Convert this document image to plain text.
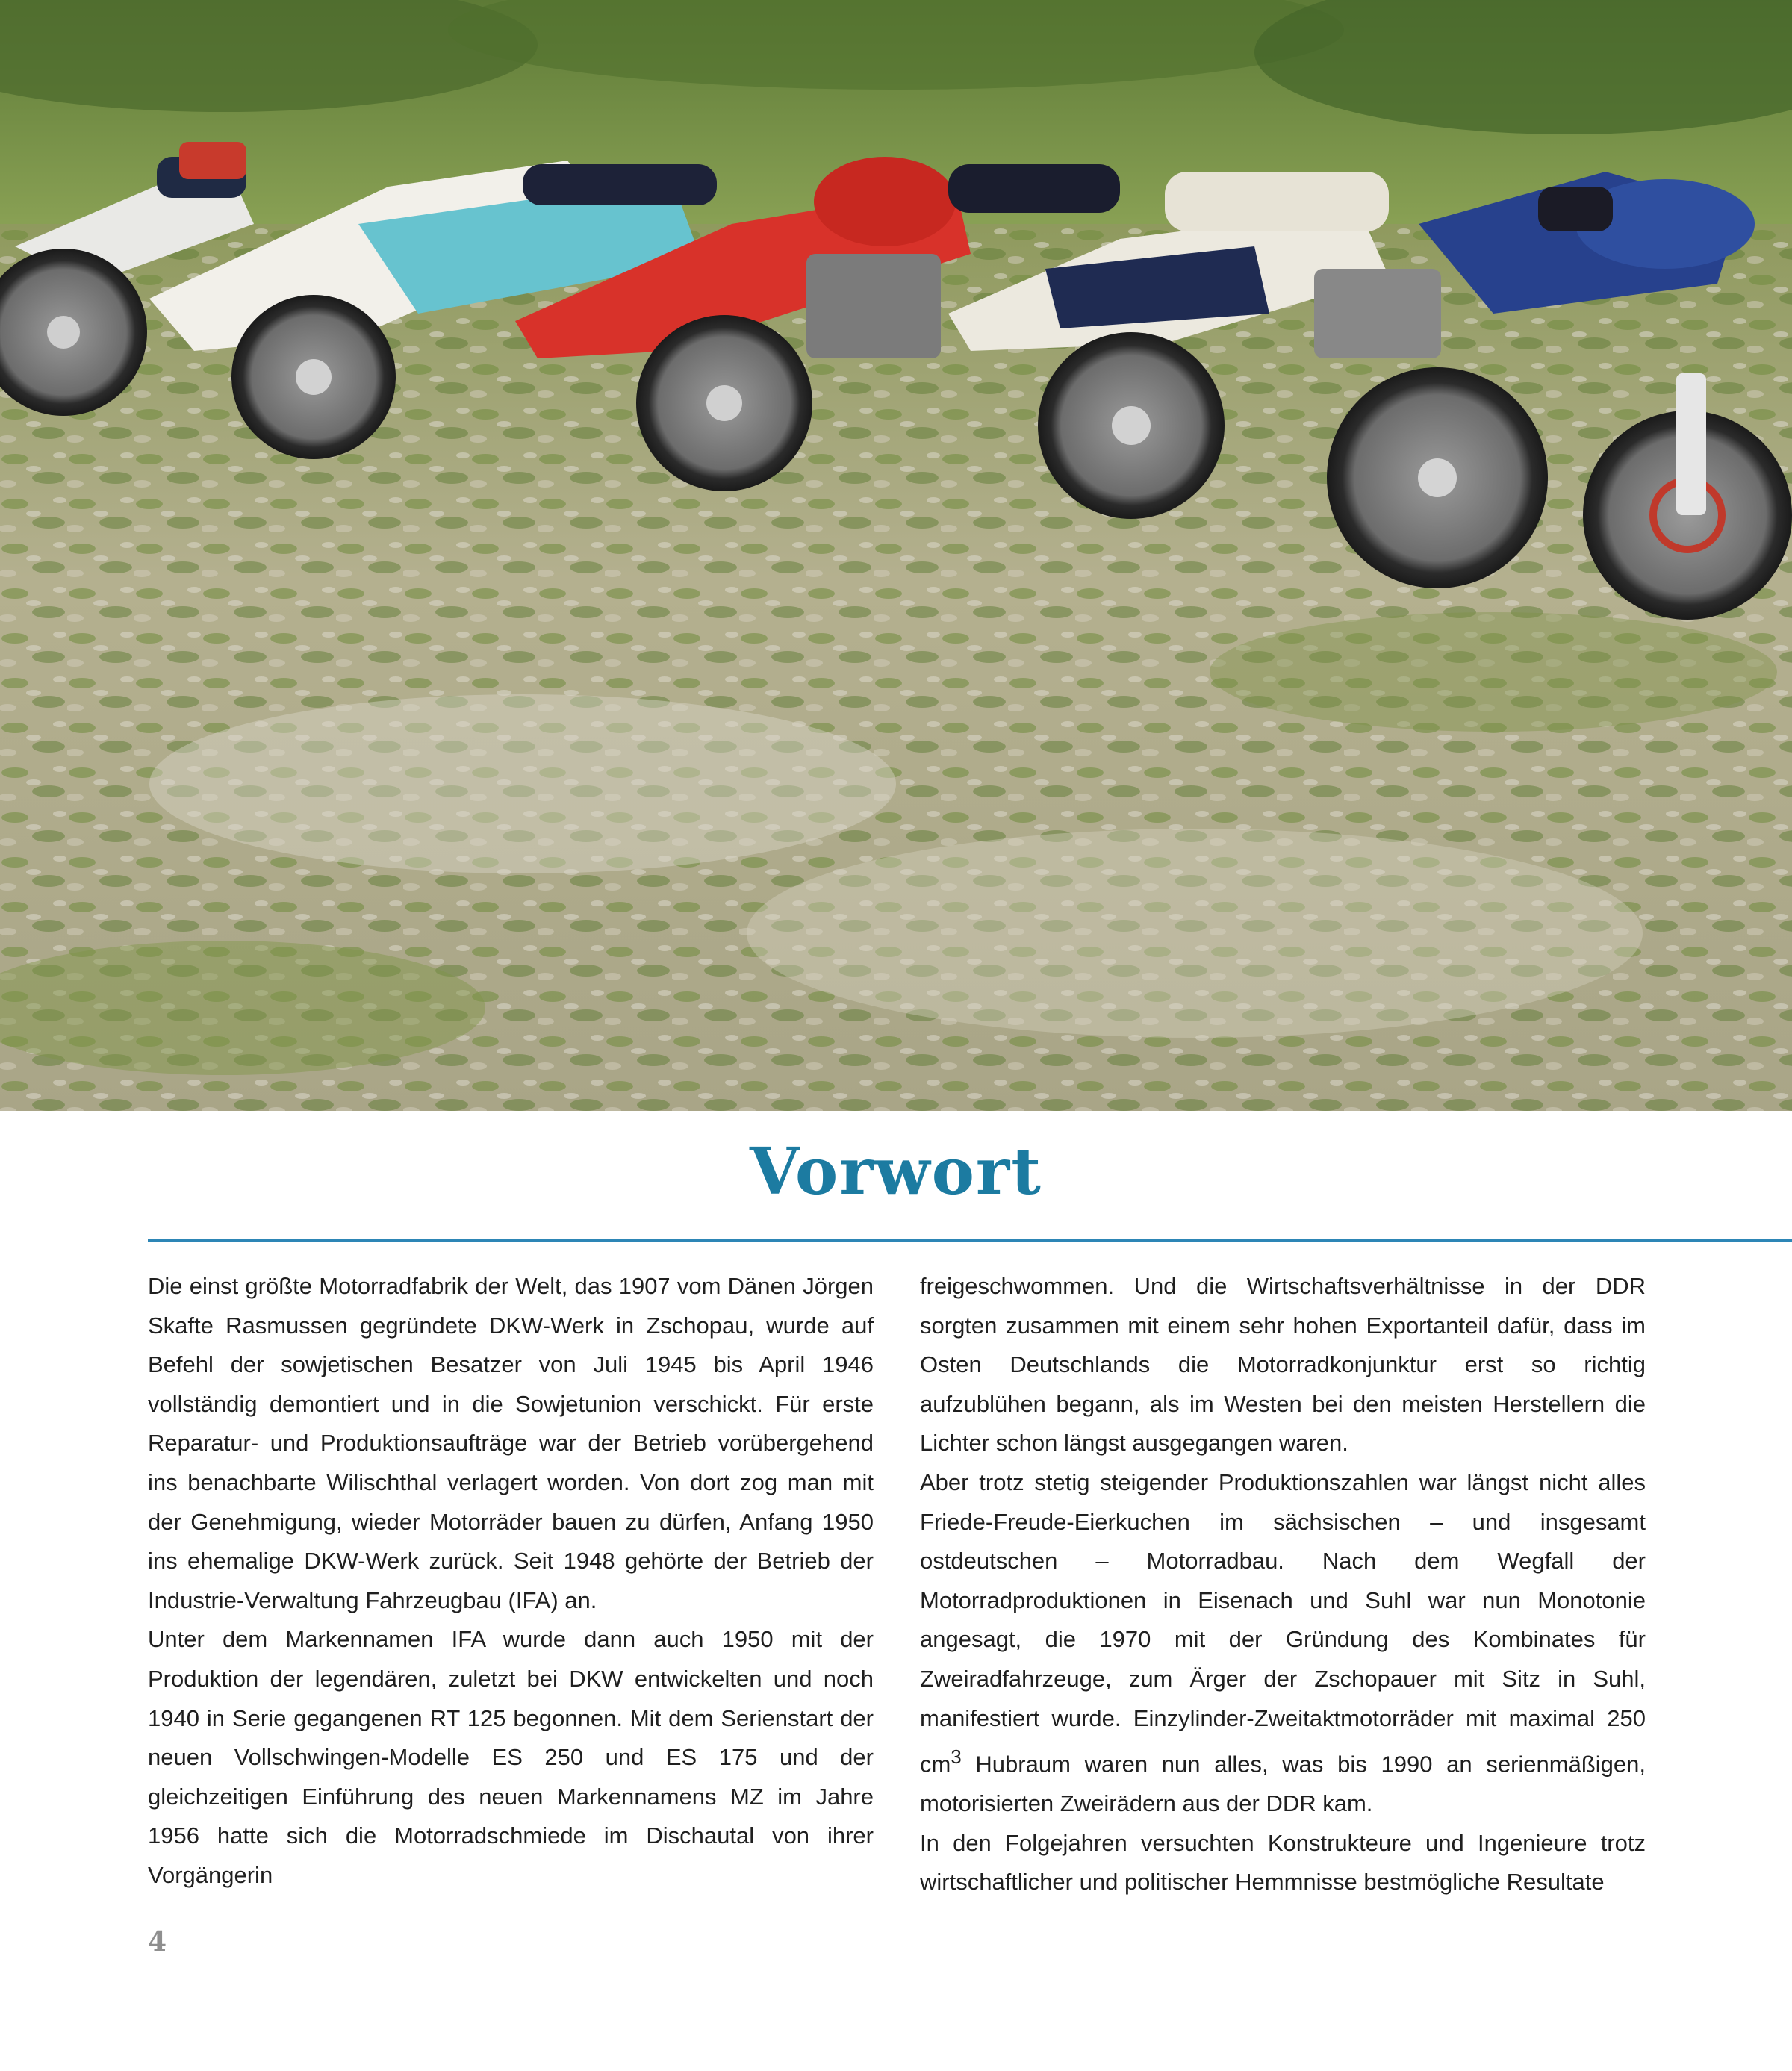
Vorwort

Die einst größte Motorradfabrik der Welt, das 1907 vom Dänen Jörgen Skafte Rasmussen gegründete DKW-Werk in Zschopau, wurde auf Befehl der sowjetischen Besatzer von Juli 1945 bis April 1946 vollständig demontiert und in die Sowjetunion verschickt. Für erste Reparatur- und Produktionsaufträge war der Betrieb vorübergehend ins benachbarte Wilischthal verlagert worden. Von dort zog man mit der Genehmigung, wieder Motorräder bauen zu dürfen, Anfang 1950 ins ehemalige DKW-Werk zurück. Seit 1948 gehörte der Betrieb der Industrie-Verwaltung Fahrzeugbau (IFA) an.

Unter dem Markennamen IFA wurde dann auch 1950 mit der Produktion der legendären, zuletzt bei DKW entwickelten und noch 1940 in Serie gegangenen RT 125 begonnen. Mit dem Serienstart der neuen Vollschwingen-Modelle ES 250 und ES 175 und der gleichzeitigen Einführung des neuen Markennamens MZ im Jahre 1956 hatte sich die Motorradschmiede im Dischautal von ihrer Vorgängerin

freigeschwommen. Und die Wirtschaftsverhältnisse in der DDR sorgten zusammen mit einem sehr hohen Exportanteil dafür, dass im Osten Deutschlands die Motorradkonjunktur erst so richtig aufzublühen begann, als im Westen bei den meisten Herstellern die Lichter schon längst ausgegangen waren.

Aber trotz stetig steigender Produktionszahlen war längst nicht alles Friede-Freude-Eierkuchen im sächsischen – und insgesamt ostdeutschen – Motorradbau. Nach dem Wegfall der Motorradproduktionen in Eisenach und Suhl war nun Monotonie angesagt, die 1970 mit der Gründung des Kombinates für Zweiradfahrzeuge, zum Ärger der Zschopauer mit Sitz in Suhl, manifestiert wurde. Einzylinder-Zweitaktmotorräder mit maximal 250 $cm^3$ Hubraum waren nun alles, was bis 1990 an serienmäßigen, motorisierten Zweirädern aus der DDR kam.

In den Folgejahren versuchten Konstrukteure und Ingenieure trotz wirtschaftlicher und politischer Hemmnisse bestmögliche Resultate

4
